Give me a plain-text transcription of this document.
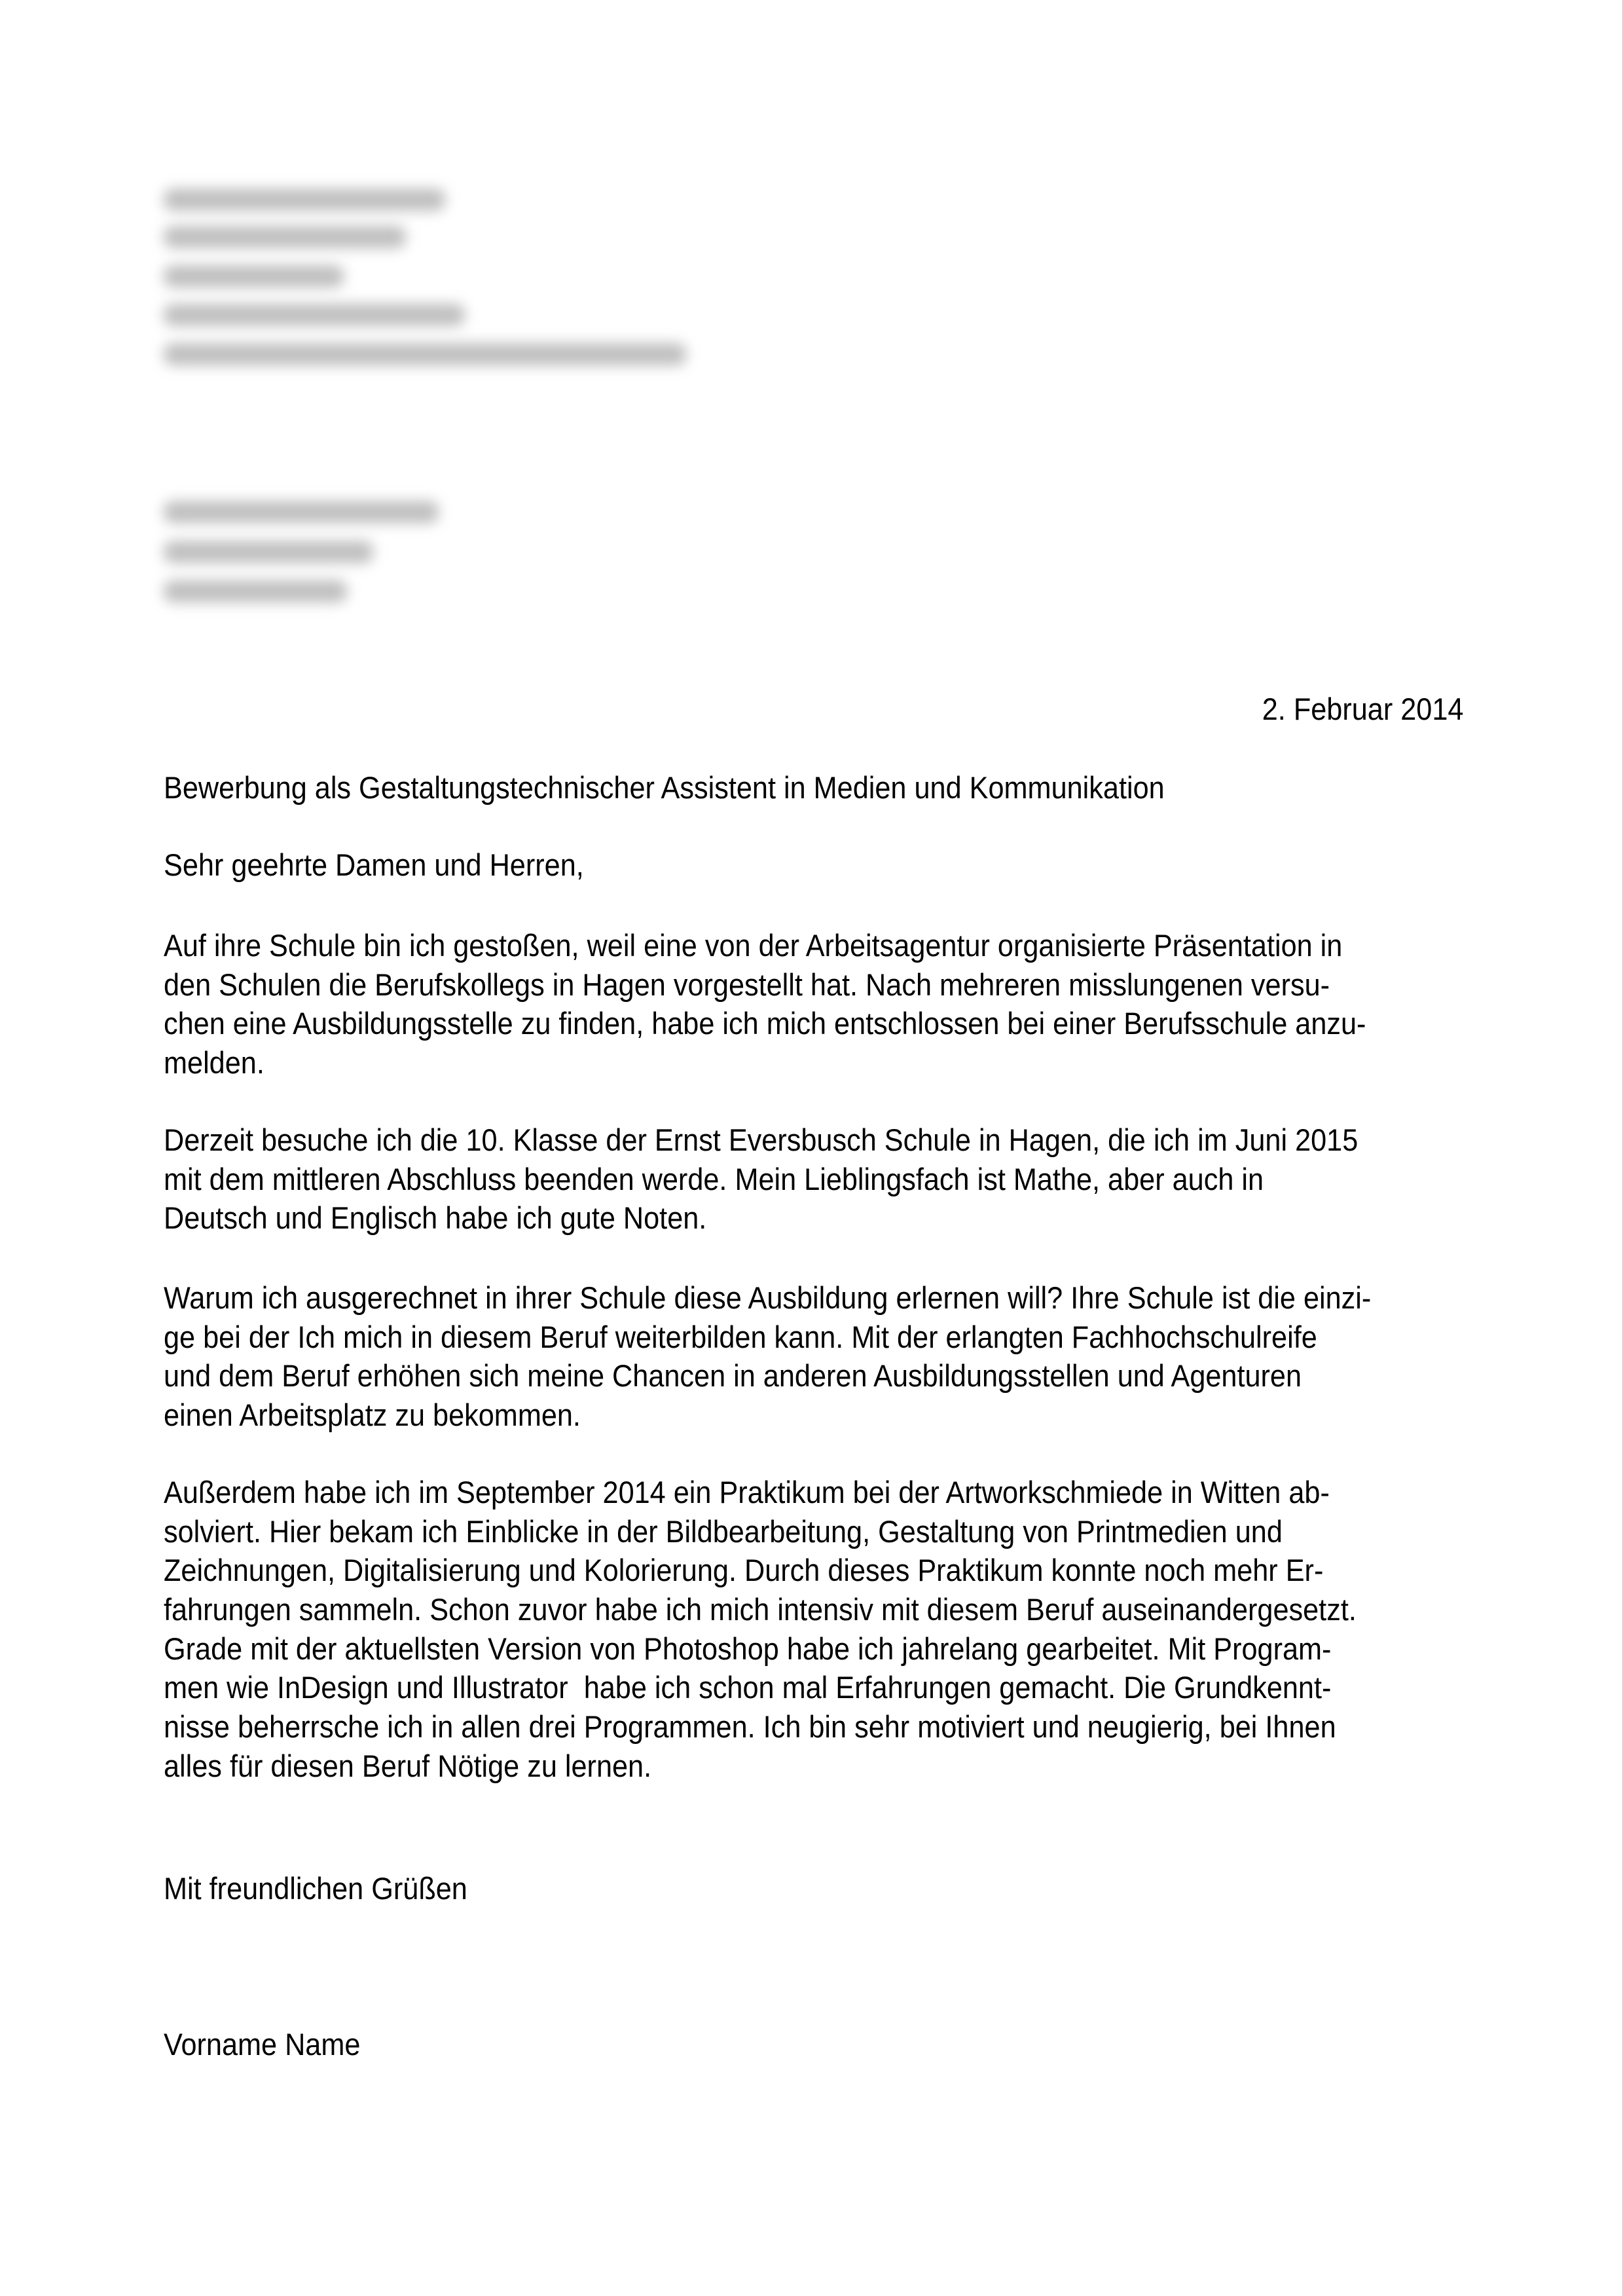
2. Februar 2014
Bewerbung als Gestaltungstechnischer Assistent in Medien und Kommunikation
Sehr geehrte Damen und Herren,
Auf ihre Schule bin ich gestoßen, weil eine von der Arbeitsagentur organisierte Präsentation in
den Schulen die Berufskollegs in Hagen vorgestellt hat. Nach mehreren misslungenen versu-
chen eine Ausbildungsstelle zu finden, habe ich mich entschlossen bei einer Berufsschule anzu-
melden.
Derzeit besuche ich die 10. Klasse der Ernst Eversbusch Schule in Hagen, die ich im Juni 2015
mit dem mittleren Abschluss beenden werde. Mein Lieblingsfach ist Mathe, aber auch in
Deutsch und Englisch habe ich gute Noten.
Warum ich ausgerechnet in ihrer Schule diese Ausbildung erlernen will? Ihre Schule ist die einzi-
ge bei der Ich mich in diesem Beruf weiterbilden kann. Mit der erlangten Fachhochschulreife
und dem Beruf erhöhen sich meine Chancen in anderen Ausbildungsstellen und Agenturen
einen Arbeitsplatz zu bekommen.
Außerdem habe ich im September 2014 ein Praktikum bei der Artworkschmiede in Witten ab-
solviert. Hier bekam ich Einblicke in der Bildbearbeitung, Gestaltung von Printmedien und
Zeichnungen, Digitalisierung und Kolorierung. Durch dieses Praktikum konnte noch mehr Er-
fahrungen sammeln. Schon zuvor habe ich mich intensiv mit diesem Beruf auseinandergesetzt.
Grade mit der aktuellsten Version von Photoshop habe ich jahrelang gearbeitet. Mit Program-
men wie InDesign und Illustrator  habe ich schon mal Erfahrungen gemacht. Die Grundkennt-
nisse beherrsche ich in allen drei Programmen. Ich bin sehr motiviert und neugierig, bei Ihnen
alles für diesen Beruf Nötige zu lernen.
Mit freundlichen Grüßen
Vorname Name
